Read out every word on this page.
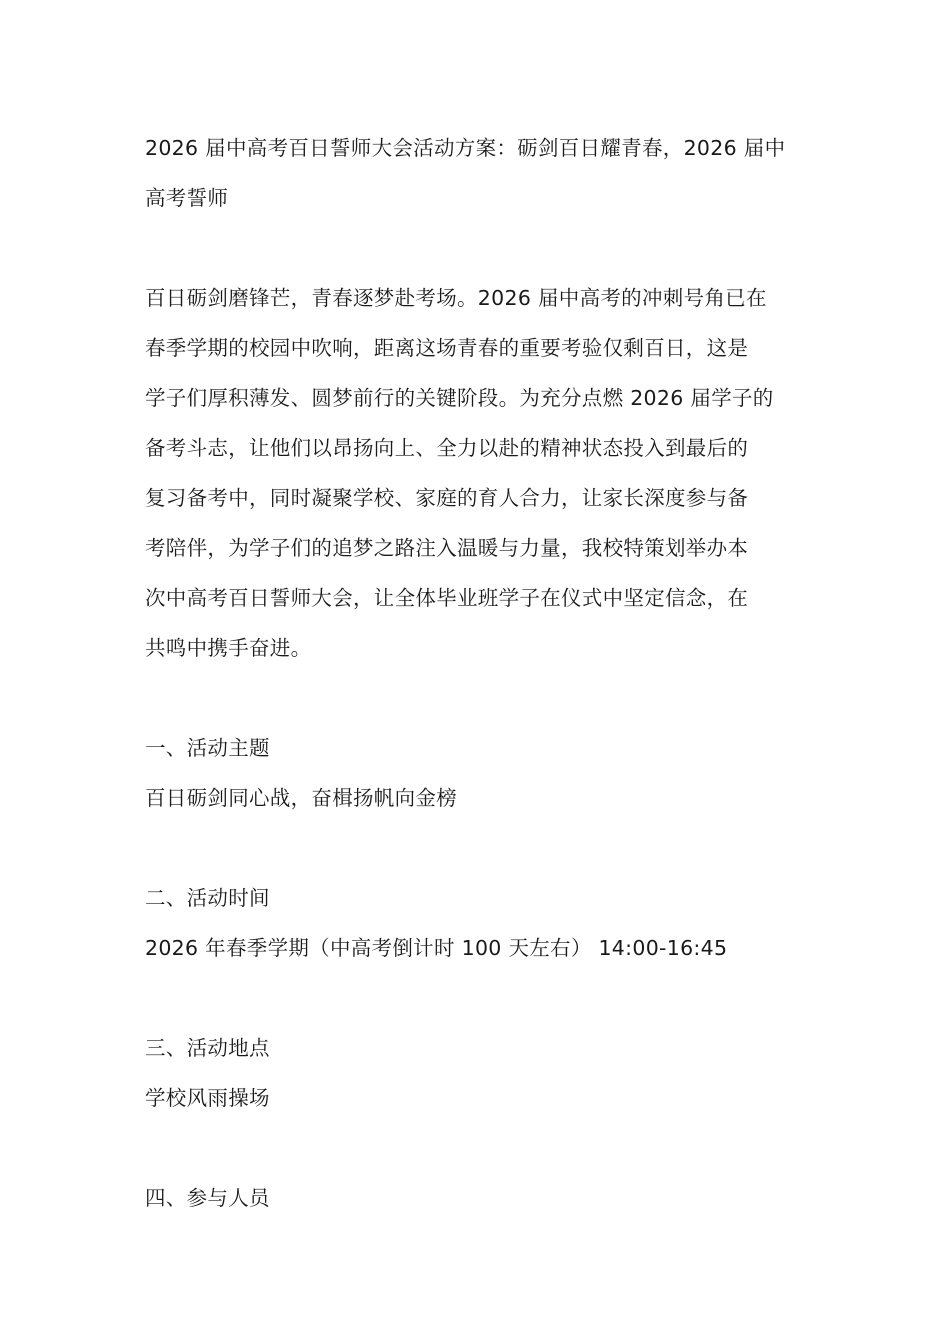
2026 届中高考百日誓师大会活动方案：砺剑百日耀青春，2026 届中
高考誓师
百日砺剑磨锋芒，青春逐梦赴考场。2026 届中高考的冲刺号角已在
春季学期的校园中吹响，距离这场青春的重要考验仅剩百日，这是
学子们厚积薄发、圆梦前行的关键阶段。为充分点燃 2026 届学子的
备考斗志，让他们以昂扬向上、全力以赴的精神状态投入到最后的
复习备考中，同时凝聚学校、家庭的育人合力，让家长深度参与备
考陪伴，为学子们的追梦之路注入温暖与力量，我校特策划举办本
次中高考百日誓师大会，让全体毕业班学子在仪式中坚定信念，在
共鸣中携手奋进。
一、活动主题
百日砺剑同心战，奋楫扬帆向金榜
二、活动时间
2026 年春季学期（中高考倒计时 100 天左右） 14:00-16:45
三、活动地点
学校风雨操场
四、参与人员
